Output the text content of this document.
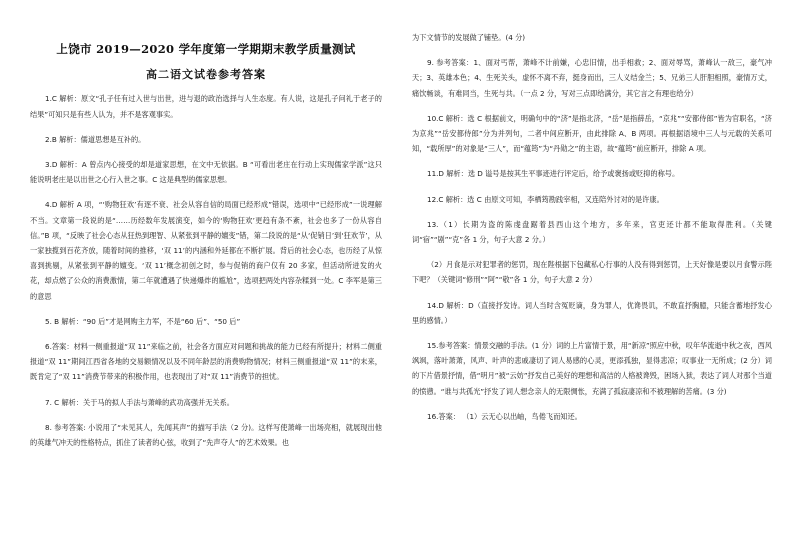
上饶市 2019—2020 学年度第一学期期末教学质量测试
高二语文试卷参考答案

1.C 解析：原文“孔子任有过入世与出世，进与退的政治选择与人生态度。有人说，这是孔子问礼于老子的结果”可知只是有些人认为，并不是客观事实。

2.B 解析：儒道思想是互补的。

3.D 解析：A 曾点内心接受的却是道家思想，在文中无依据。B “可看出老庄在行动上实现儒家学派”这只能说明老庄是以出世之心行入世之事。C 这是典型的儒家思想。

4.D 解析 A 项，“‘购物狂欢’有逐不衰、社会从容自信的局面已经形成”错误，选项中“已经形成”一说理解不当。文章第一段说的是“……历经数年发展演变，如今的‘购物狂欢’更趋有条不紊，社会也多了一份从容自信。”B 项，“反映了社会心态从狂热到理智、从紧张到平静的嬗变”错，第二段说的是“从‘促销日’到‘狂欢节’，从一家独揽到百花齐放，随着时间的推移，‘双 11’的内涵和外延都在不断扩展。背后的社会心态，也历经了从惊喜到挑剔，从紧张到平静的嬗变。‘双 11’概念初创之时，参与促销的商户仅有 20 多家，但活动所迸发的火花，却点燃了公众的消费激情，第二年就遭遇了快递爆炸的尴尬”，选项把两处内容杂糅到一处。C 李军是第三的意思

5. B 解析：“90 后”才是网购主力军，不是“60 后”、“50 后”

6.答案：材料一侧重报道“双 11”来临之前，社会各方面应对问题和挑战的能力已经有所提升；材料二侧重报道“双 11”期间江西省各地的交易额情况以及不同年龄层的消费购物情况；材料三侧重报道“双 11”的末来，既肯定了“双 11”消费节带来的积极作用，也表现出了对“双 11”消费节的担忧。

7. C 解析：关于马的拟人手法与萧峰的武功高强并无关系。

8. 参考答案: 小说用了“未见其人，先闻其声”的描写手法（2 分)。这样写使萧峰一出场亮相，就展现出他的英雄气冲天的性格特点，抓住了读者的心弦，收到了“先声夺人”的艺术效果。也

为下文情节的发展做了铺垫。(4 分)

9. 参考答案：1、面对丐帮，萧峰不计前嫌，心忠旧情，出手相救；2、面对辱骂，萧峰认一敌三，豪气冲天；3、英雄本色；4、生死关头，虚怀不离不弃，挺身而出，三人义结金兰；5、兄弟三人肝胆相照，豪情万丈，痛饮畅谈，有难同当，生死与共。（一点 2 分，写对三点即给满分，其它言之有理也给分）

10.C 解析：选 C 根据前文，明确句中的“济”是指北济，“岳”是指薛岳，“京兆”“安都侍郎”皆为官职名，“济为京兆”“岳安都侍郎”分为并列句，二者中间应断开，由此排除 A、B 两项。再根据语境中三人与元载的关系可知，“载所厚”的对象是“三人”，而“蕴筠”为“丹勋之”的主语，故“蕴筠”前应断开，排除 A 项。

11.D 解析：选 D 谥号是按其生平事迹进行评定后，给予或褒扬或贬抑的称号。

12.C 解析：选 C 由原文可知，李栖筠勘践宰相，又连陪外讨对的是许康。

13.（1）长期为盗的陈虔盘踞着县西山这个地方，多年来，官吏还计都不能取得胜利。（关键词“宿”“剧”“克”各 1 分，句子大意 2 分。）

（2）月食是示对犯罪者的惩罚，现在陛根据下包藏私心行事的人没有得到惩罚，上天好像是要以月食警示陛下吧？（关键词“修刑”“阿”“敬”各 1 分，句子大意 2 分）

14.D 解析：D（直接抒发诗。词人当时含冤贬谪，身为罪人，优谗畏讥，不敢直抒胸臆，只能含蓄地抒发心里的感情。）

15.参考答案：情景交融的手法。(1 分）词的上片富情于景，用“新凉”照应中秋，叹年华流逝中秋之夜，西风飒飒，落叶萧萧，风声、叶声的悲戚凄切了词人易感的心灵，更添孤独，显得悲凉；叹事业一无所成；(2 分）词的下片借景抒情，借“明月”被“云妨”抒发自己美好的理想和高洁的人格被谗毁，困场入狱，表达了词人对那个当道的愤懑。“谁与共孤光”抒发了词人想念亲人的无限惆怅，充满了孤寂凄凉和不被理解的苦痛。(3 分)

16.答案： （1）云无心以出岫，鸟倦飞而知还。
